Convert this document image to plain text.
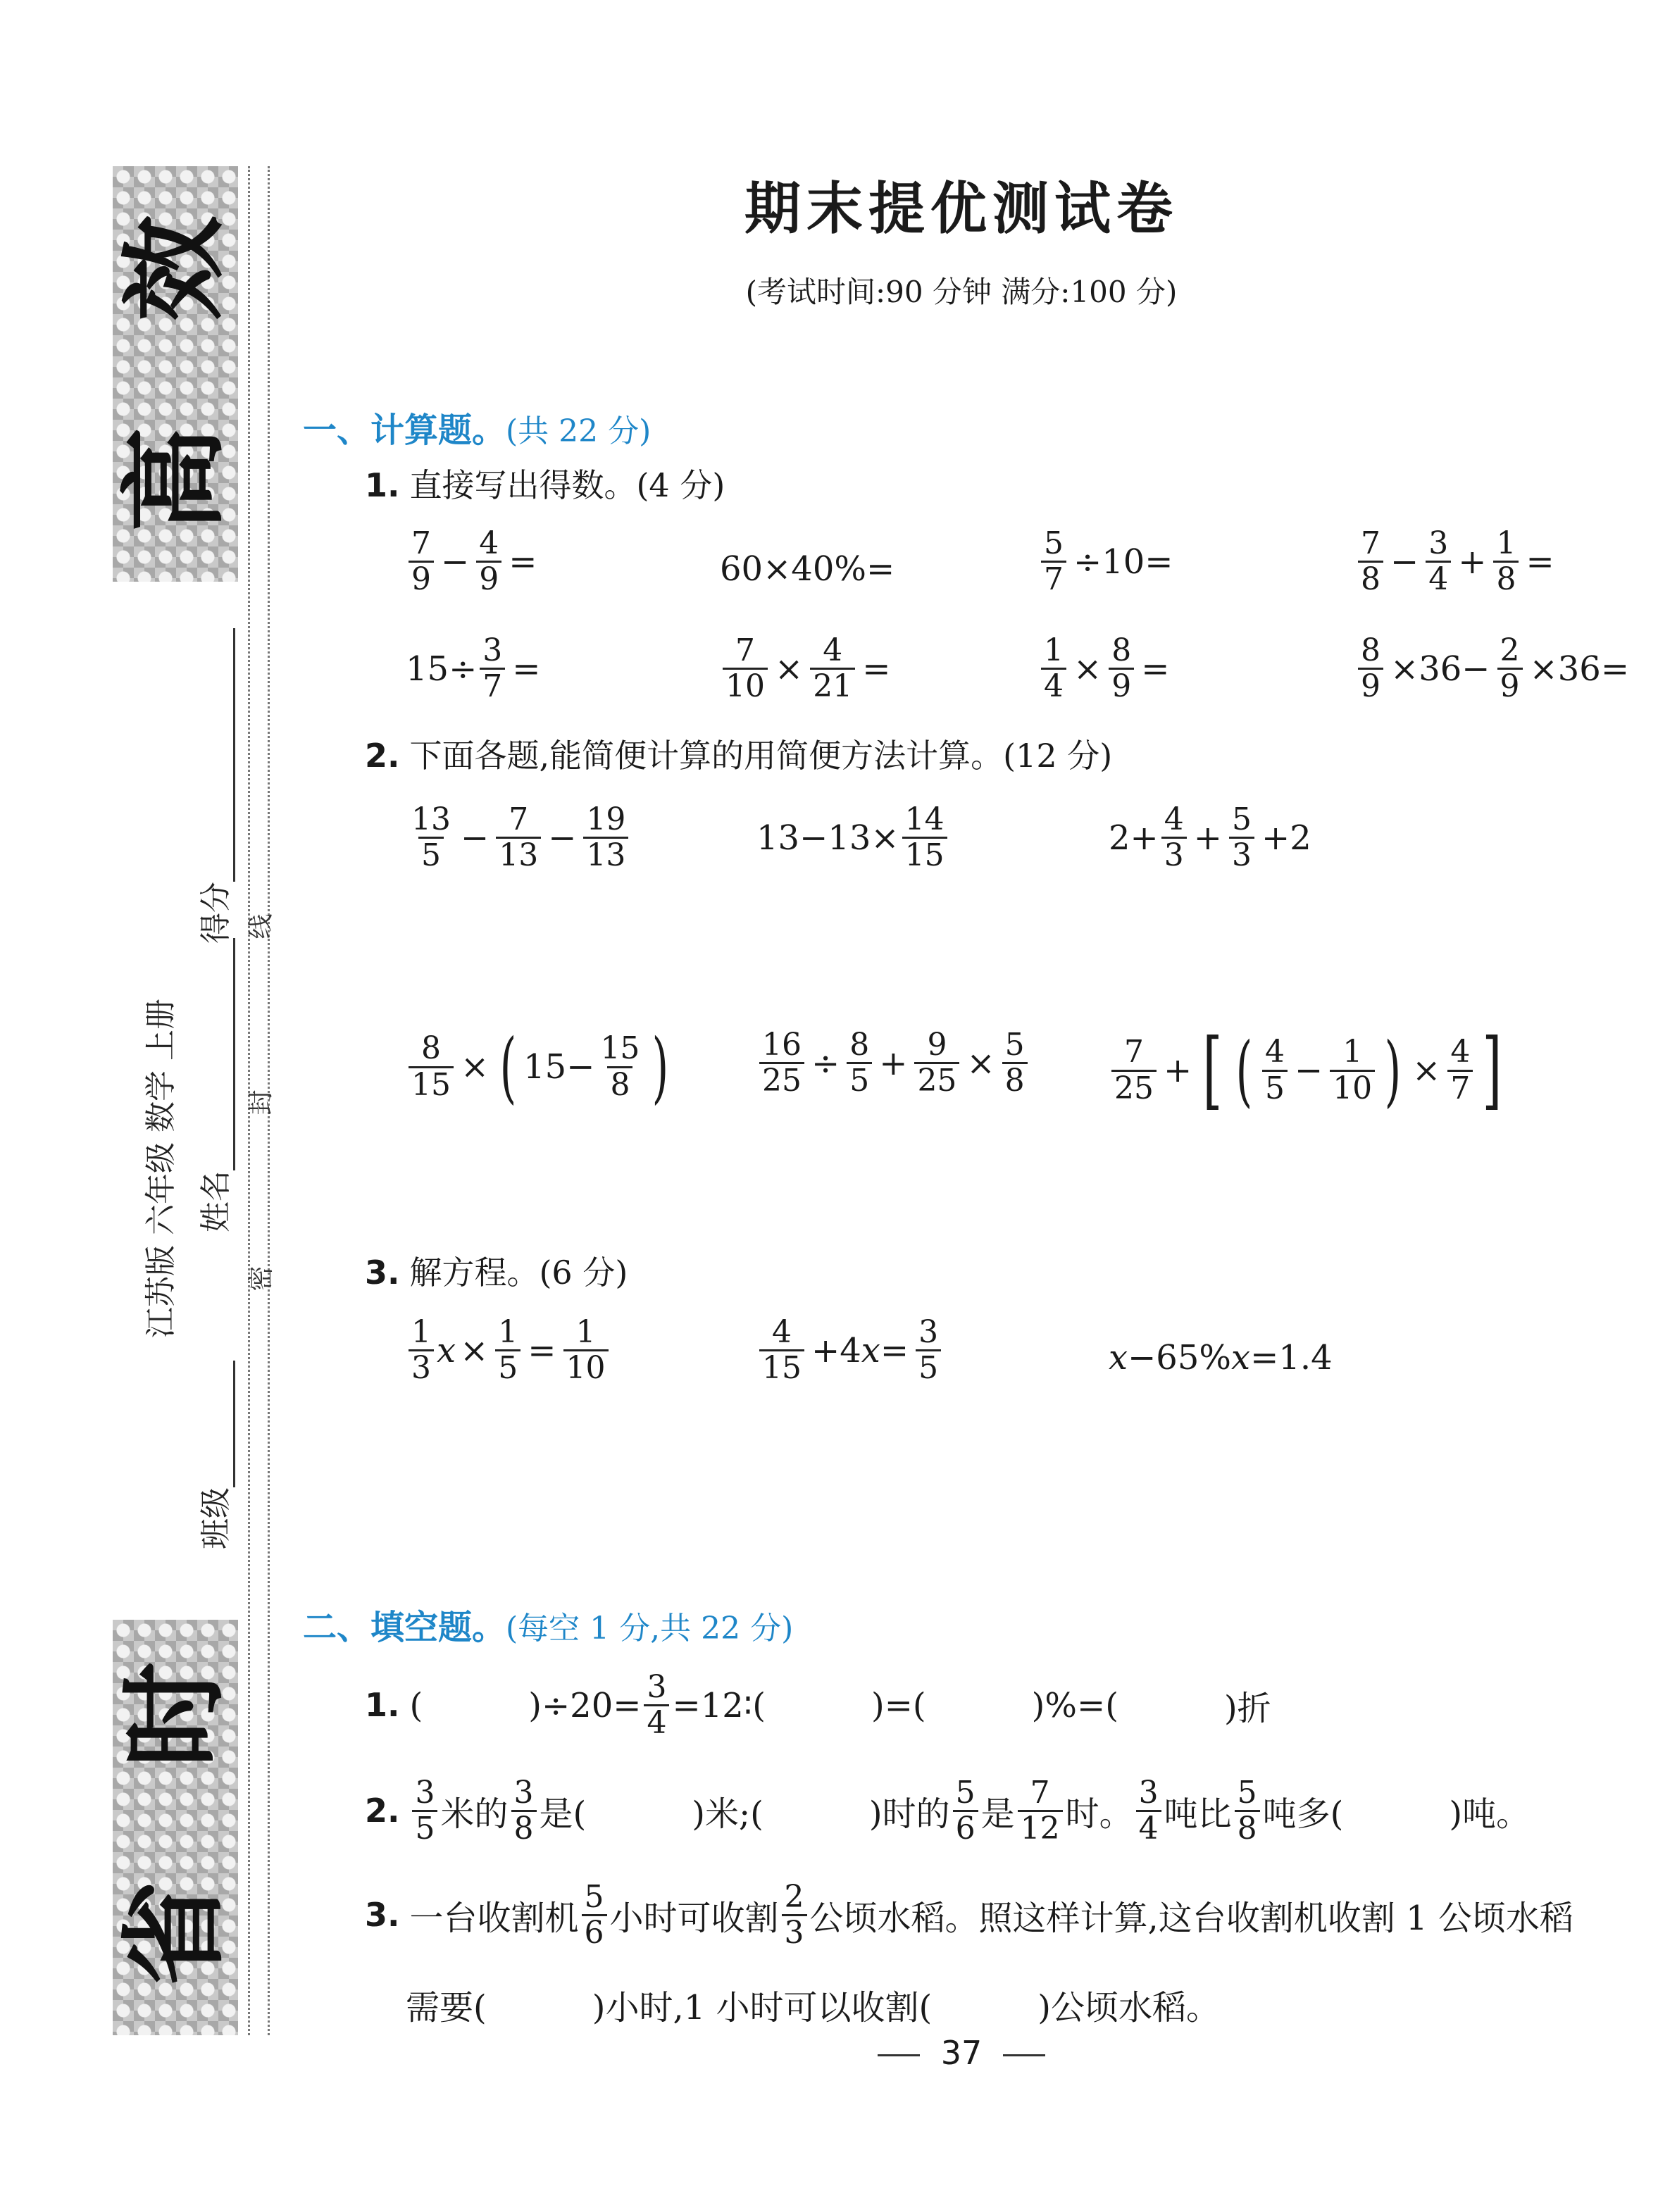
效
高
时
省
江苏版 六年级 数学 上册
班级
姓名
得分 线
封
密
期末提优测试卷
(考试时间:90 分钟 满分:100 分)
一、计算题。(共 22 分)
1. 直接写出得数。(4 分)
$\frac{7}{9} - \frac{4}{9}$ =	60×40%=	$\frac{5}{7} \div 10=$	$\frac{7}{8} - \frac{3}{4} + \frac{1}{8}$ =
$15\div \frac{3}{7}$ =	$\frac{7}{10} \times \frac{4}{21}$ =	$\frac{1}{4} \times \frac{8}{9}$ =	$\frac{8}{9} \times 36- \frac{2}{9} \times 36=$
2. 下面各题,能简便计算的用简便方法计算。(12 分)
$\frac{13}{5} - \frac{7}{13} - \frac{19}{13}$	$13-13\times \frac{14}{15}$	$2+ \frac{4}{3} + \frac{5}{3} +2$
$\frac{8}{15}$ × ( $15- \frac{15}{8}$ )	$\frac{16}{25} \div \frac{8}{5} + \frac{9}{25} \times \frac{5}{8}$	$\frac{7}{25}$ + [ ( $\frac{4}{5} - \frac{1}{10}$ ) × $\frac{4}{7}$ ]
3. 解方程。(6 分)
$\frac{1}{3}$ $x \times \frac{1}{5} = \frac{1}{10}$	$\frac{4}{15} +4x= \frac{3}{5}$	x −65% x =1.4
二、填空题。(每空 1 分,共 22 分)
1. (	)$\div 20= \frac{3}{4}$ =12∶(	)=(	)%=(	)折
2. $\frac{3}{5}$ 米的 $\frac{3}{8}$ 是(	)米;(	)时的 $\frac{5}{6}$ 是 $\frac{7}{12}$ 时。 $\frac{3}{4}$ 吨比 $\frac{5}{8}$ 吨多(	)吨。
3. 一台收割机 $\frac{5}{6}$ 小时可收割 $\frac{2}{3}$ 公顷水稻。照这样计算,这台收割机收割 1 公顷水稻
需要(	)小时,1 小时可以收割(	)公顷水稻。
37
